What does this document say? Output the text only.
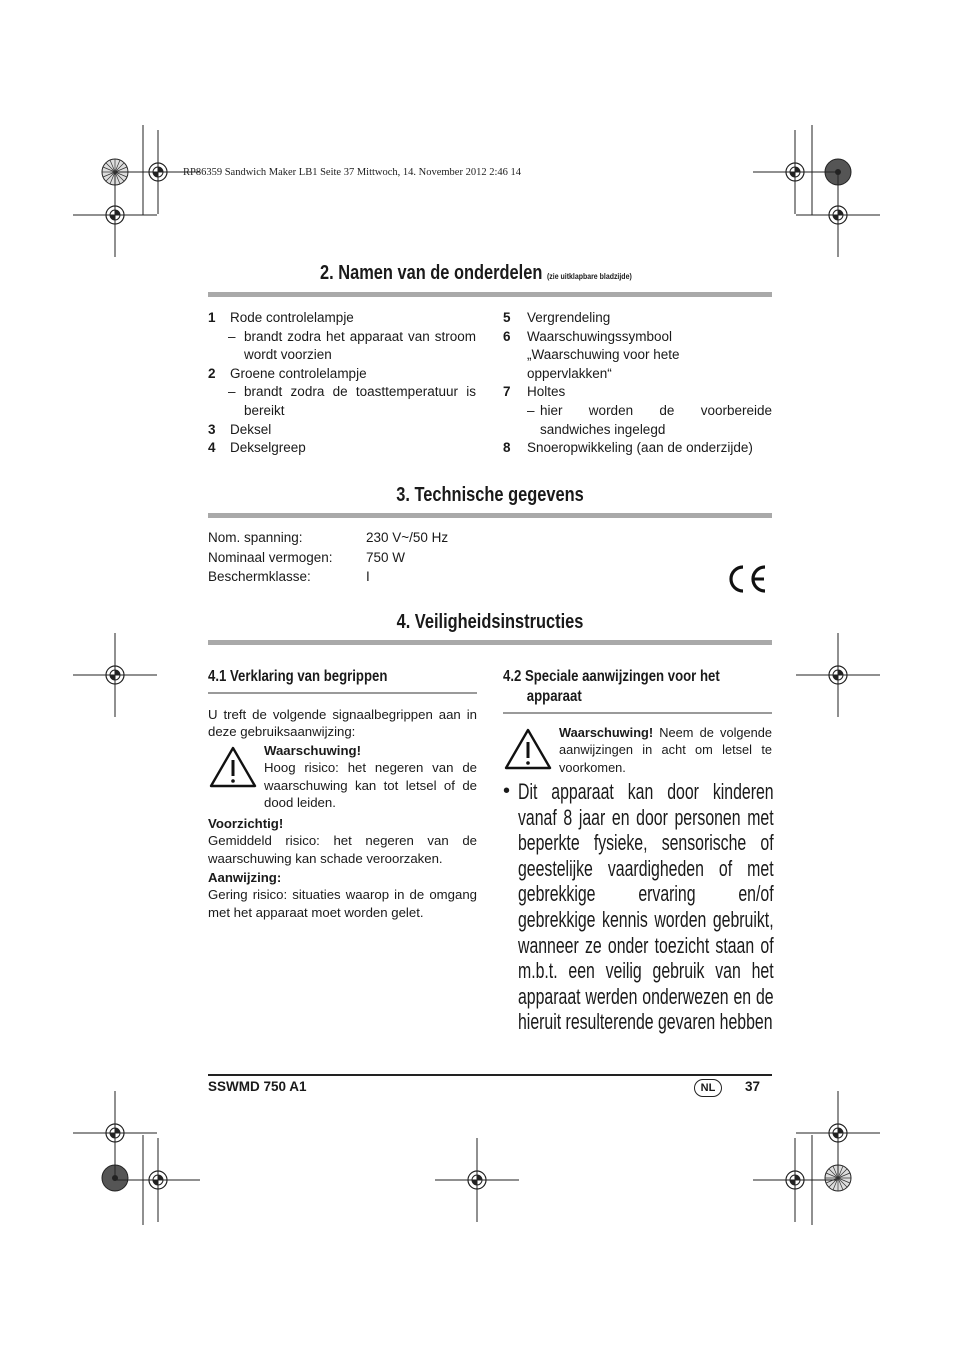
RP86359 Sandwich Maker LB1 Seite 37 Mittwoch, 14. November 2012 2:46 14
2. Namen van de onderdelen (zie uitklapbare bladzijde)
1	Rode controlelampje
– brandt zodra het apparaat van stroom wordt voorzien
2	Groene controlelampje
– brandt zodra de toasttemperatuur is bereikt
3	Deksel
4	Dekselgreep
5	Vergrendeling
6	Waarschuwingssymbool „Waarschuwing voor hete oppervlakken“
7	Holtes
– hier worden de voorbereide sandwiches ingelegd
8	Snoeropwikkeling (aan de onderzijde)
3. Technische gegevens
Nom. spanning:	230 V~/50 Hz
Nominaal vermogen:	750 W
Beschermklasse:	I
4. Veiligheidsinstructies
4.1 Verklaring van begrippen
U treft de volgende signaalbegrippen aan in deze gebruiksaanwijzing:
Waarschuwing!
Hoog risico: het negeren van de waarschuwing kan tot letsel of de dood leiden.
Voorzichtig!
Gemiddeld risico: het negeren van de waarschuwing kan schade veroorzaken.
Aanwijzing:
Gering risico: situaties waarop in de omgang met het apparaat moet worden gelet.
4.2 Speciale aanwijzingen voor het
apparaat
Waarschuwing! Neem de volgende aanwijzingen in acht om letsel te voorkomen.
• Dit apparaat kan door kinderen vanaf 8 jaar en door personen met beperkte fysieke, sensorische of geestelijke vaardigheden of met gebrekkige ervaring en/of gebrekkige kennis worden gebruikt, wanneer ze onder toezicht staan of m.b.t. een veilig gebruik van het apparaat werden onderwezen en de hieruit resulterende gevaren hebben
SSWMD 750 A1	NL	37
